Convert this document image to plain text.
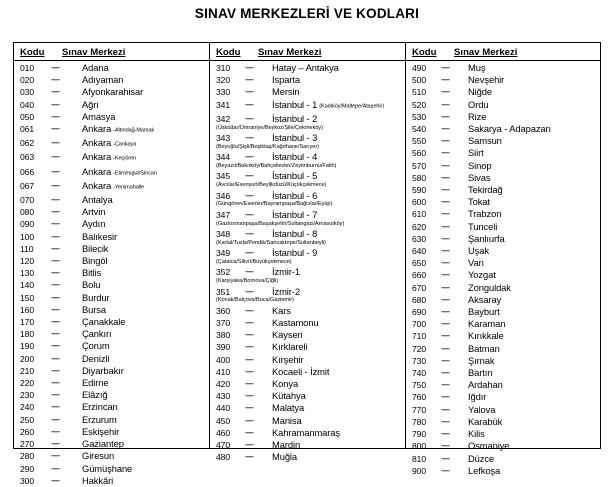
SINAV MERKEZLERİ VE KODLARI
Kodu	Sınav Merkezi
010	-------	Adana
020	-------	Adıyaman
030	-------	Afyonkarahisar
040	-------	Ağrı
050	-------	Amasya
061	-------	Ankara -Altındağ-Mamak
062	-------	Ankara -Çankaya
063	-------	Ankara -Keçiören
066	-------	Ankara -Etimesgut/Sincan
067	-------	Ankara -Yenimahalle
070	-------	Antalya
080	-------	Artvin
090	-------	Aydın
100	-------	Balıkesir
110	-------	Bilecik
120	-------	Bingöl
130	-------	Bitlis
140	-------	Bolu
150	-------	Burdur
160	-------	Bursa
170	-------	Çanakkale
180	-------	Çankırı
190	-------	Çorum
200	-------	Denizli
210	-------	Diyarbakır
220	-------	Edirne
230	-------	Elâzığ
240	-------	Erzincan
250	-------	Erzurum
260	-------	Eskişehir
270	-------	Gaziantep
280	-------	Giresun
290	-------	Gümüşhane
300	-------	Hakkâri
Kodu	Sınav Merkezi
310	-------	Hatay – Antakya
320	-------	Isparta
330	-------	Mersin
341	-------	İstanbul - 1 (Kadıköy/Maltepe/Ataşehir)
342	-------	İstanbul - 2
(Üsküdar/Ümraniye/Beykoz/Şile/Çekmeköy)
343	-------	İstanbul - 3
(Beyoğlu/Şişli/Beşiktaş/Kağıthane/Sarıyer)
344	-------	İstanbul - 4
(Beyazıt/Bakırköy/Bahçelievler/Zeytinburnu/Fatih)
345	-------	İstanbul - 5
(Avcılar/Esenyurt/Beylikdüzü/Küçükçekmece)
346	-------	İstanbul - 6
(Güngören/Esenler/Bayrampaşa/Bağcılar/Eyüp)
347	-------	İstanbul - 7
(Gaziosmanpaşa/Başakşehir/Sultangazi/Arnavutköy)
348	-------	İstanbul - 8
(Kartal/Tuzla/Pendik/Sancaktepe/Sultanbeyli)
349	-------	İstanbul - 9
(Çatalca/Silivri/Büyükçekmece)
352	-------	İzmir-1
(Karşıyaka/Bornova/Çiğli)
351	-------	İzmir-2
(Konak/Balçova/Buca/Gaziemir)
360	-------	Kars
370	-------	Kastamonu
380	-------	Kayseri
390	-------	Kırklareli
400	-------	Kırşehir
410	-------	Kocaeli - İzmit
420	-------	Konya
430	-------	Kütahya
440	-------	Malatya
450	-------	Manisa
460	-------	Kahramanmaraş
470	-------	Mardin
480	-------	Muğla
Kodu	Sınav Merkezi
490	-------	Muş
500	-------	Nevşehir
510	-------	Niğde
520	-------	Ordu
530	-------	Rize
540	-------	Sakarya - Adapazarı
550	-------	Samsun
560	-------	Siirt
570	-------	Sinop
580	-------	Sivas
590	-------	Tekirdağ
600	-------	Tokat
610	-------	Trabzon
620	-------	Tunceli
630	-------	Şanlıurfa
640	-------	Uşak
650	-------	Van
660	-------	Yozgat
670	-------	Zonguldak
680	-------	Aksaray
690	-------	Bayburt
700	-------	Karaman
710	-------	Kırıkkale
720	-------	Batman
730	-------	Şırnak
740	-------	Bartın
750	-------	Ardahan
760	-------	Iğdır
770	-------	Yalova
780	-------	Karabük
790	-------	Kilis
800	-------	Osmaniye
810	-------	Düzce
900	-------	Lefkoşa
